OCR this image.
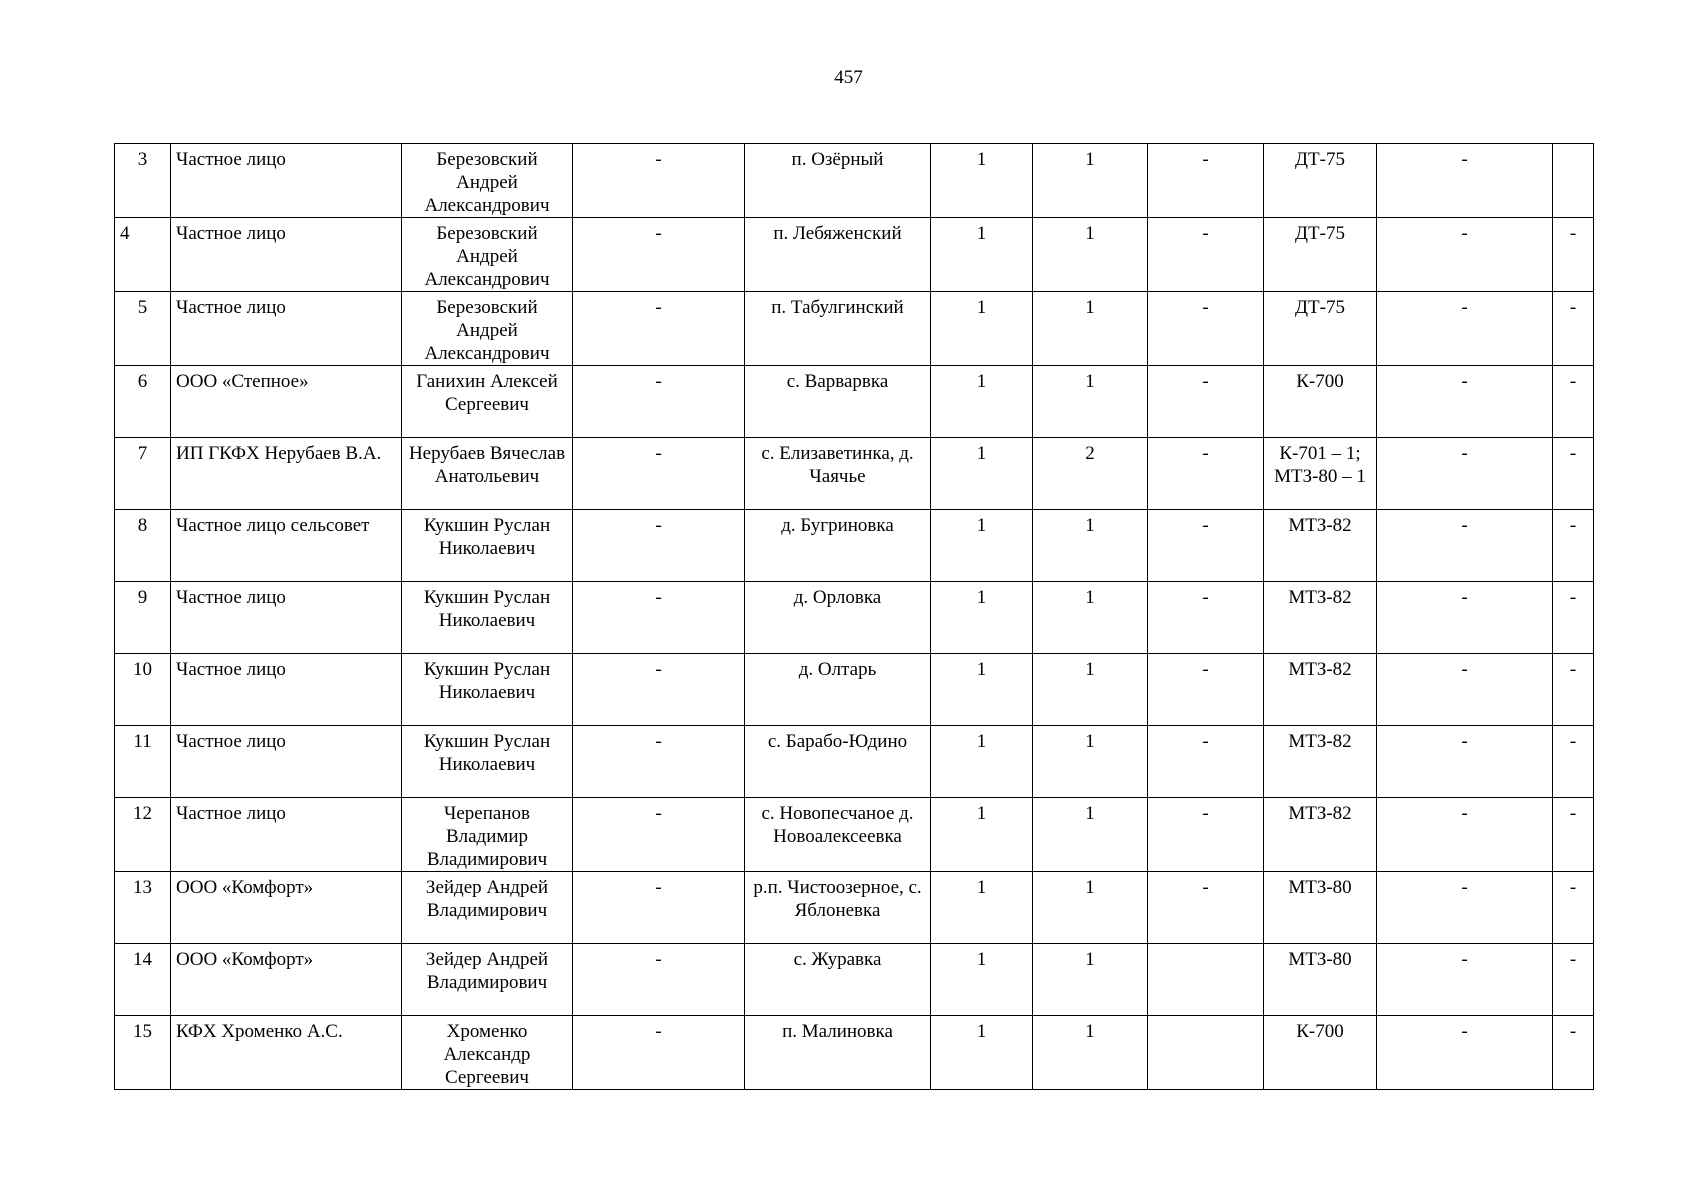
457
3	Частное лицо	Березовский Андрей Александрович	-	п. Озёрный	1	1	-	ДТ-75	-	
4	Частное лицо	Березовский Андрей Александрович	-	п. Лебяженский	1	1	-	ДТ-75	-	-
5	Частное лицо	Березовский Андрей Александрович	-	п. Табулгинский	1	1	-	ДТ-75	-	-
6	ООО «Степное»	Ганихин Алексей Сергеевич	-	с. Варварвка	1	1	-	К-700	-	-
7	ИП ГКФХ Нерубаев В.А.	Нерубаев Вячеслав Анатольевич	-	с. Елизаветинка, д. Чаячье	1	2	-	К-701 – 1; МТЗ-80 – 1	-	-
8	Частное лицо сельсовет	Кукшин Руслан Николаевич	-	д. Бугриновка	1	1	-	МТЗ-82	-	-
9	Частное лицо	Кукшин Руслан Николаевич	-	д. Орловка	1	1	-	МТЗ-82	-	-
10	Частное лицо	Кукшин Руслан Николаевич	-	д. Олтарь	1	1	-	МТЗ-82	-	-
11	Частное лицо	Кукшин Руслан Николаевич	-	с. Барабо-Юдино	1	1	-	МТЗ-82	-	-
12	Частное лицо	Черепанов Владимир Владимирович	-	с. Новопесчаное д. Новоалексеевка	1	1	-	МТЗ-82	-	-
13	ООО «Комфорт»	Зейдер Андрей Владимирович	-	р.п. Чистоозерное, с. Яблоневка	1	1	-	МТЗ-80	-	-
14	ООО «Комфорт»	Зейдер Андрей Владимирович	-	с. Журавка	1	1		МТЗ-80	-	-
15	КФХ Хроменко А.С.	Хроменко Александр Сергеевич	-	п. Малиновка	1	1		К-700	-	-
